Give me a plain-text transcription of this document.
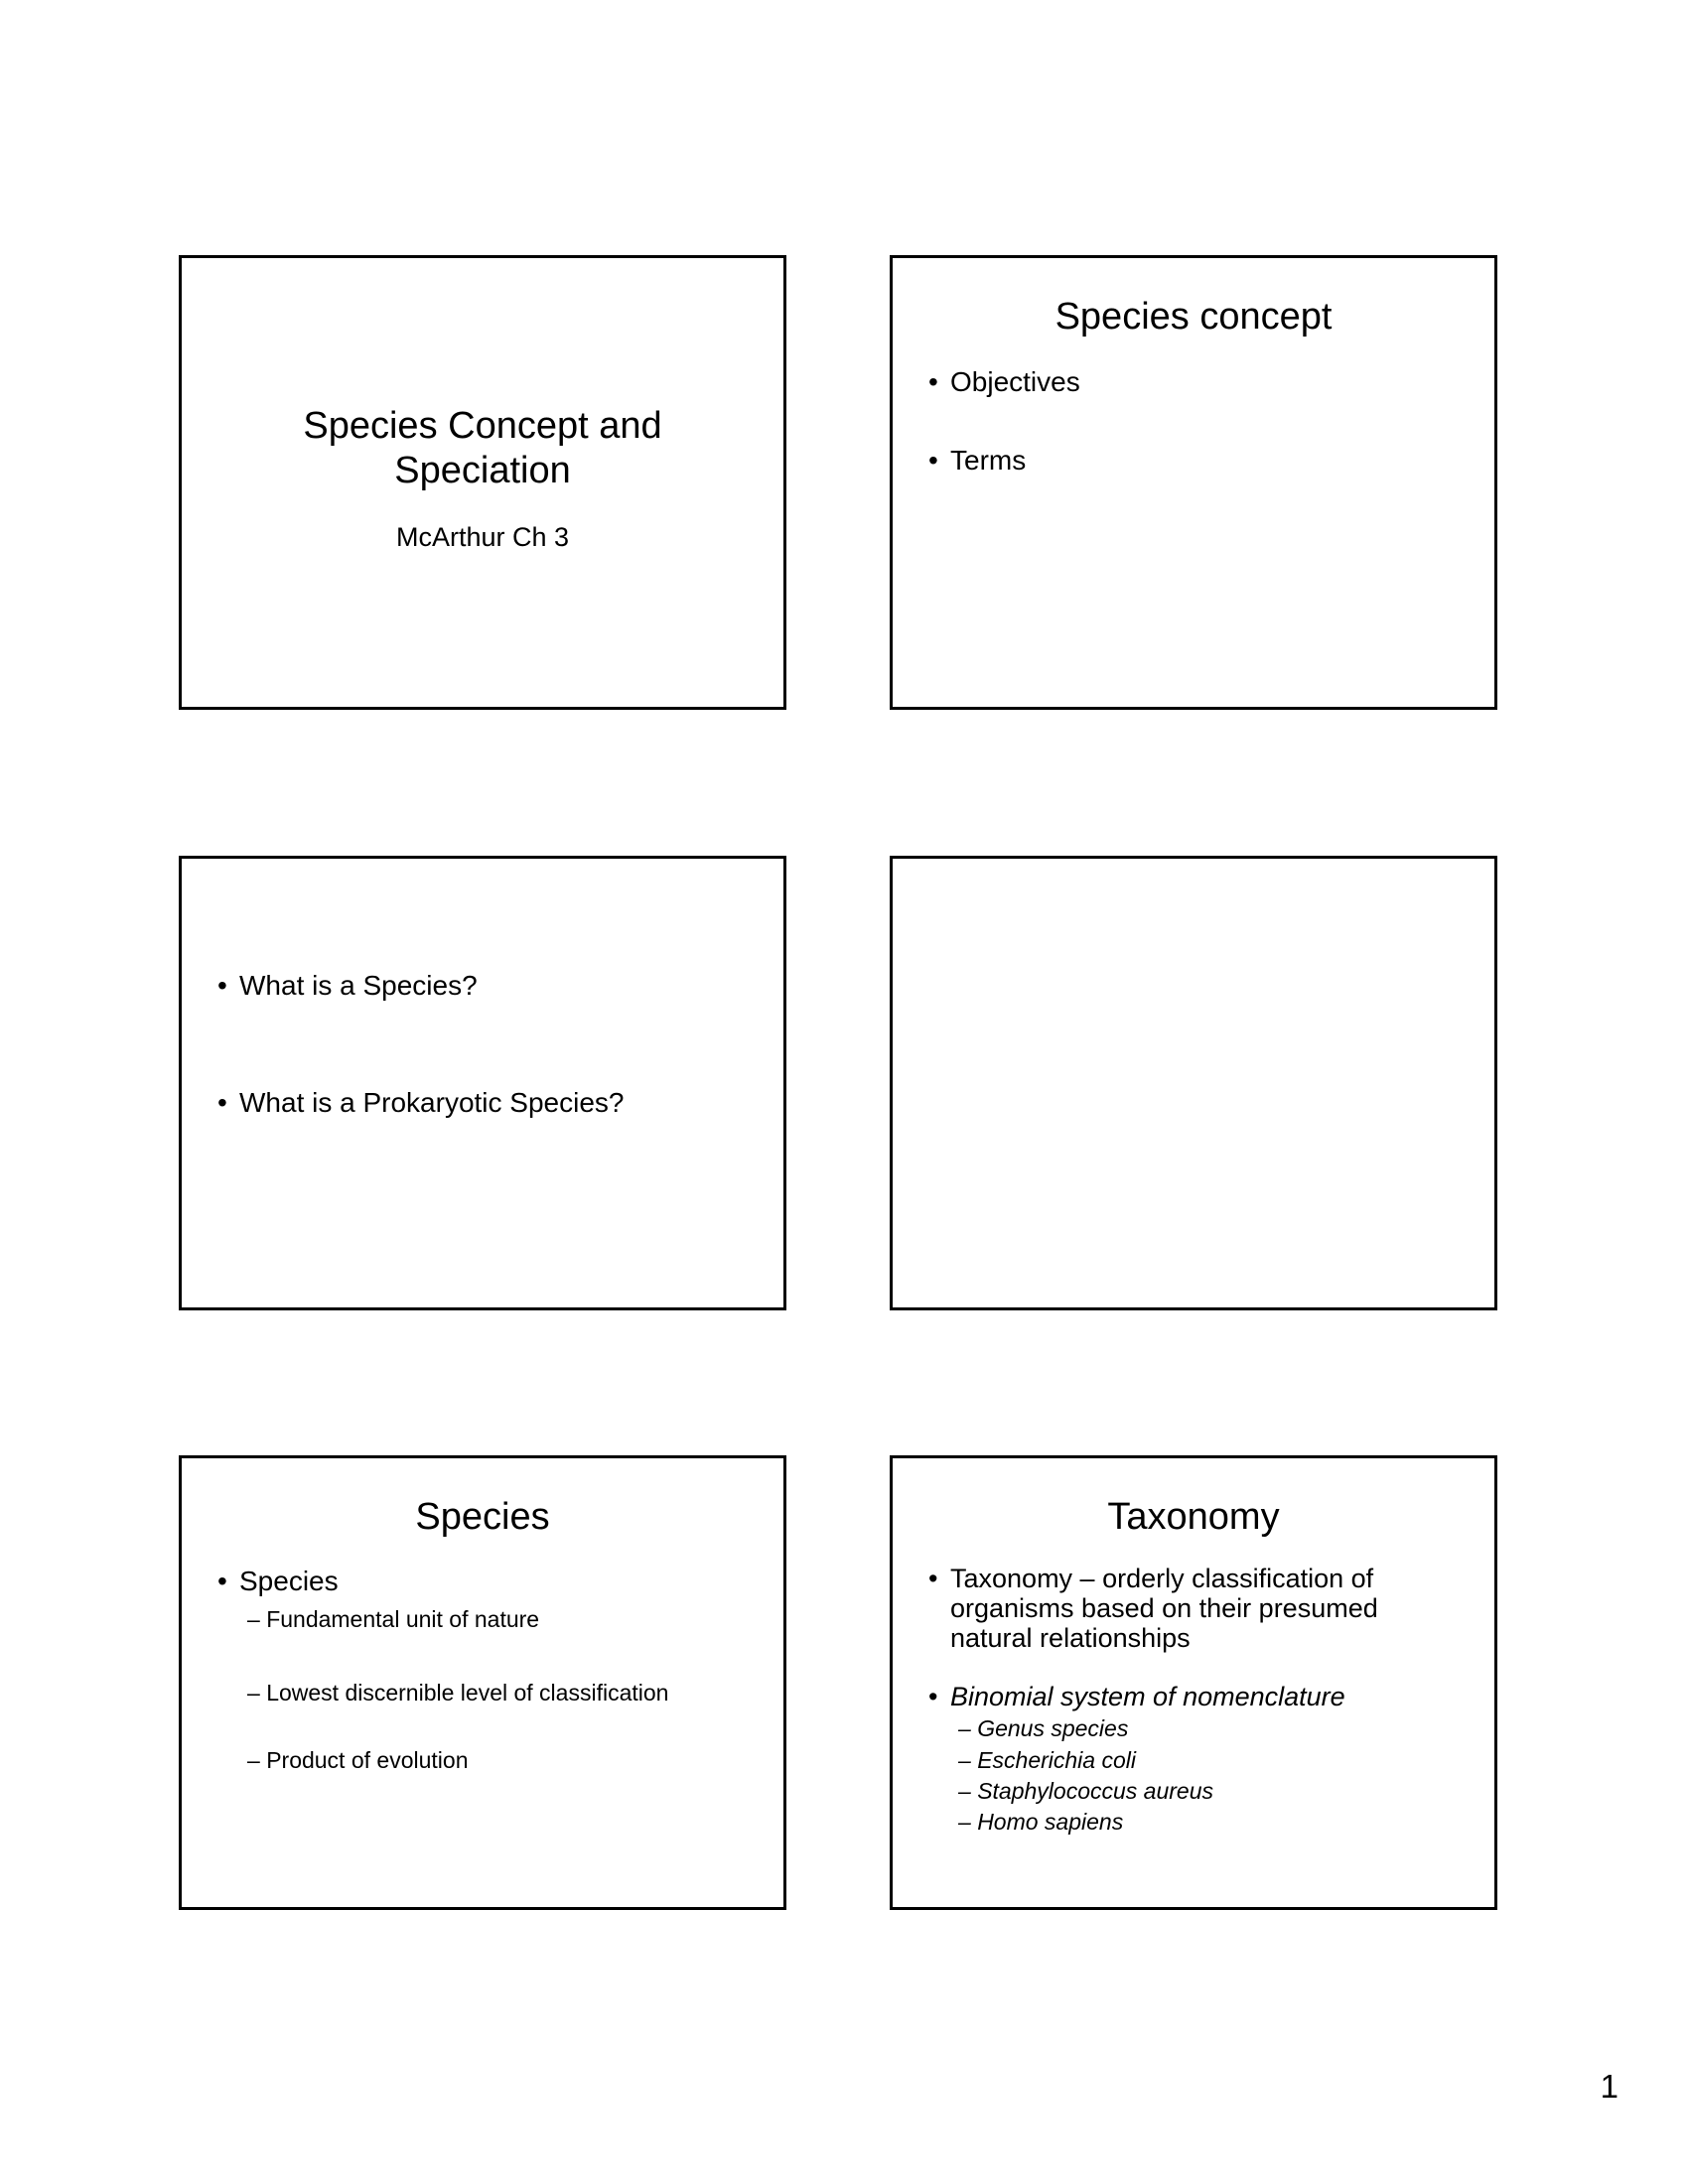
Species Concept and
Speciation
McArthur Ch 3
Species concept
• Objectives
• Terms
• What is a Species?
• What is a Prokaryotic Species?
Species
• Species
– Fundamental unit of nature
– Lowest discernible level of classification
– Product of evolution
Taxonomy
• Taxonomy – orderly classification of
organisms based on their presumed
natural relationships
• Binomial system of nomenclature
– Genus species
– Escherichia coli
– Staphylococcus aureus
– Homo sapiens
1
